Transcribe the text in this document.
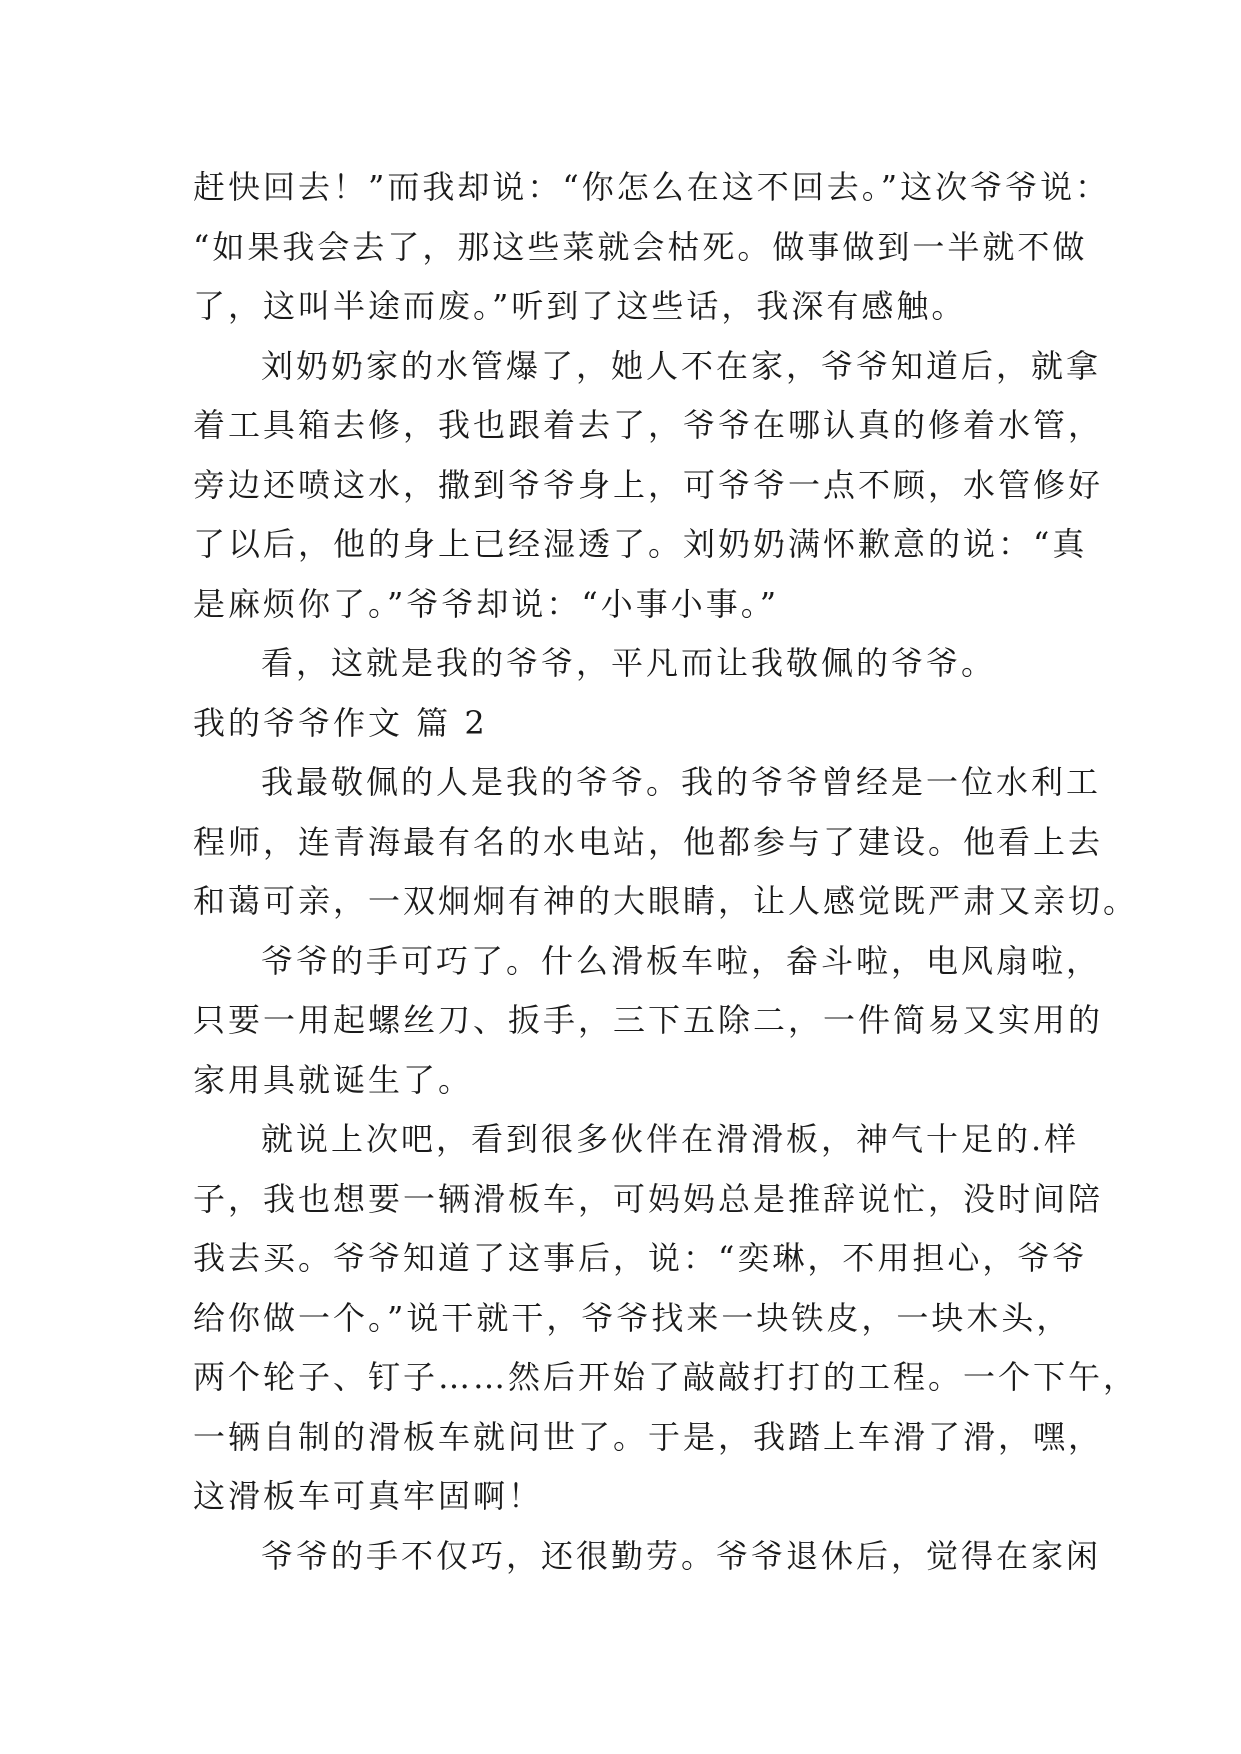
赶快回去！”而我却说：“你怎么在这不回去。”这次爷爷说：
“如果我会去了，那这些菜就会枯死。做事做到一半就不做
了，这叫半途而废。”听到了这些话，我深有感触。
刘奶奶家的水管爆了，她人不在家，爷爷知道后，就拿
着工具箱去修，我也跟着去了，爷爷在哪认真的修着水管，
旁边还喷这水，撒到爷爷身上，可爷爷一点不顾，水管修好
了以后，他的身上已经湿透了。刘奶奶满怀歉意的说：“真
是麻烦你了。”爷爷却说：“小事小事。”
看，这就是我的爷爷，平凡而让我敬佩的爷爷。
我的爷爷作文 篇 2
我最敬佩的人是我的爷爷。我的爷爷曾经是一位水利工
程师，连青海最有名的水电站，他都参与了建设。他看上去
和蔼可亲，一双炯炯有神的大眼睛，让人感觉既严肃又亲切。
爷爷的手可巧了。什么滑板车啦，畚斗啦，电风扇啦，
只要一用起螺丝刀、扳手，三下五除二，一件简易又实用的
家用具就诞生了。
就说上次吧，看到很多伙伴在滑滑板，神气十足的.样
子，我也想要一辆滑板车，可妈妈总是推辞说忙，没时间陪
我去买。爷爷知道了这事后，说：“奕琳，不用担心，爷爷
给你做一个。”说干就干，爷爷找来一块铁皮，一块木头，
两个轮子、钉子……然后开始了敲敲打打的工程。一个下午，
一辆自制的滑板车就问世了。于是，我踏上车滑了滑，嘿，
这滑板车可真牢固啊！
爷爷的手不仅巧，还很勤劳。爷爷退休后，觉得在家闲
